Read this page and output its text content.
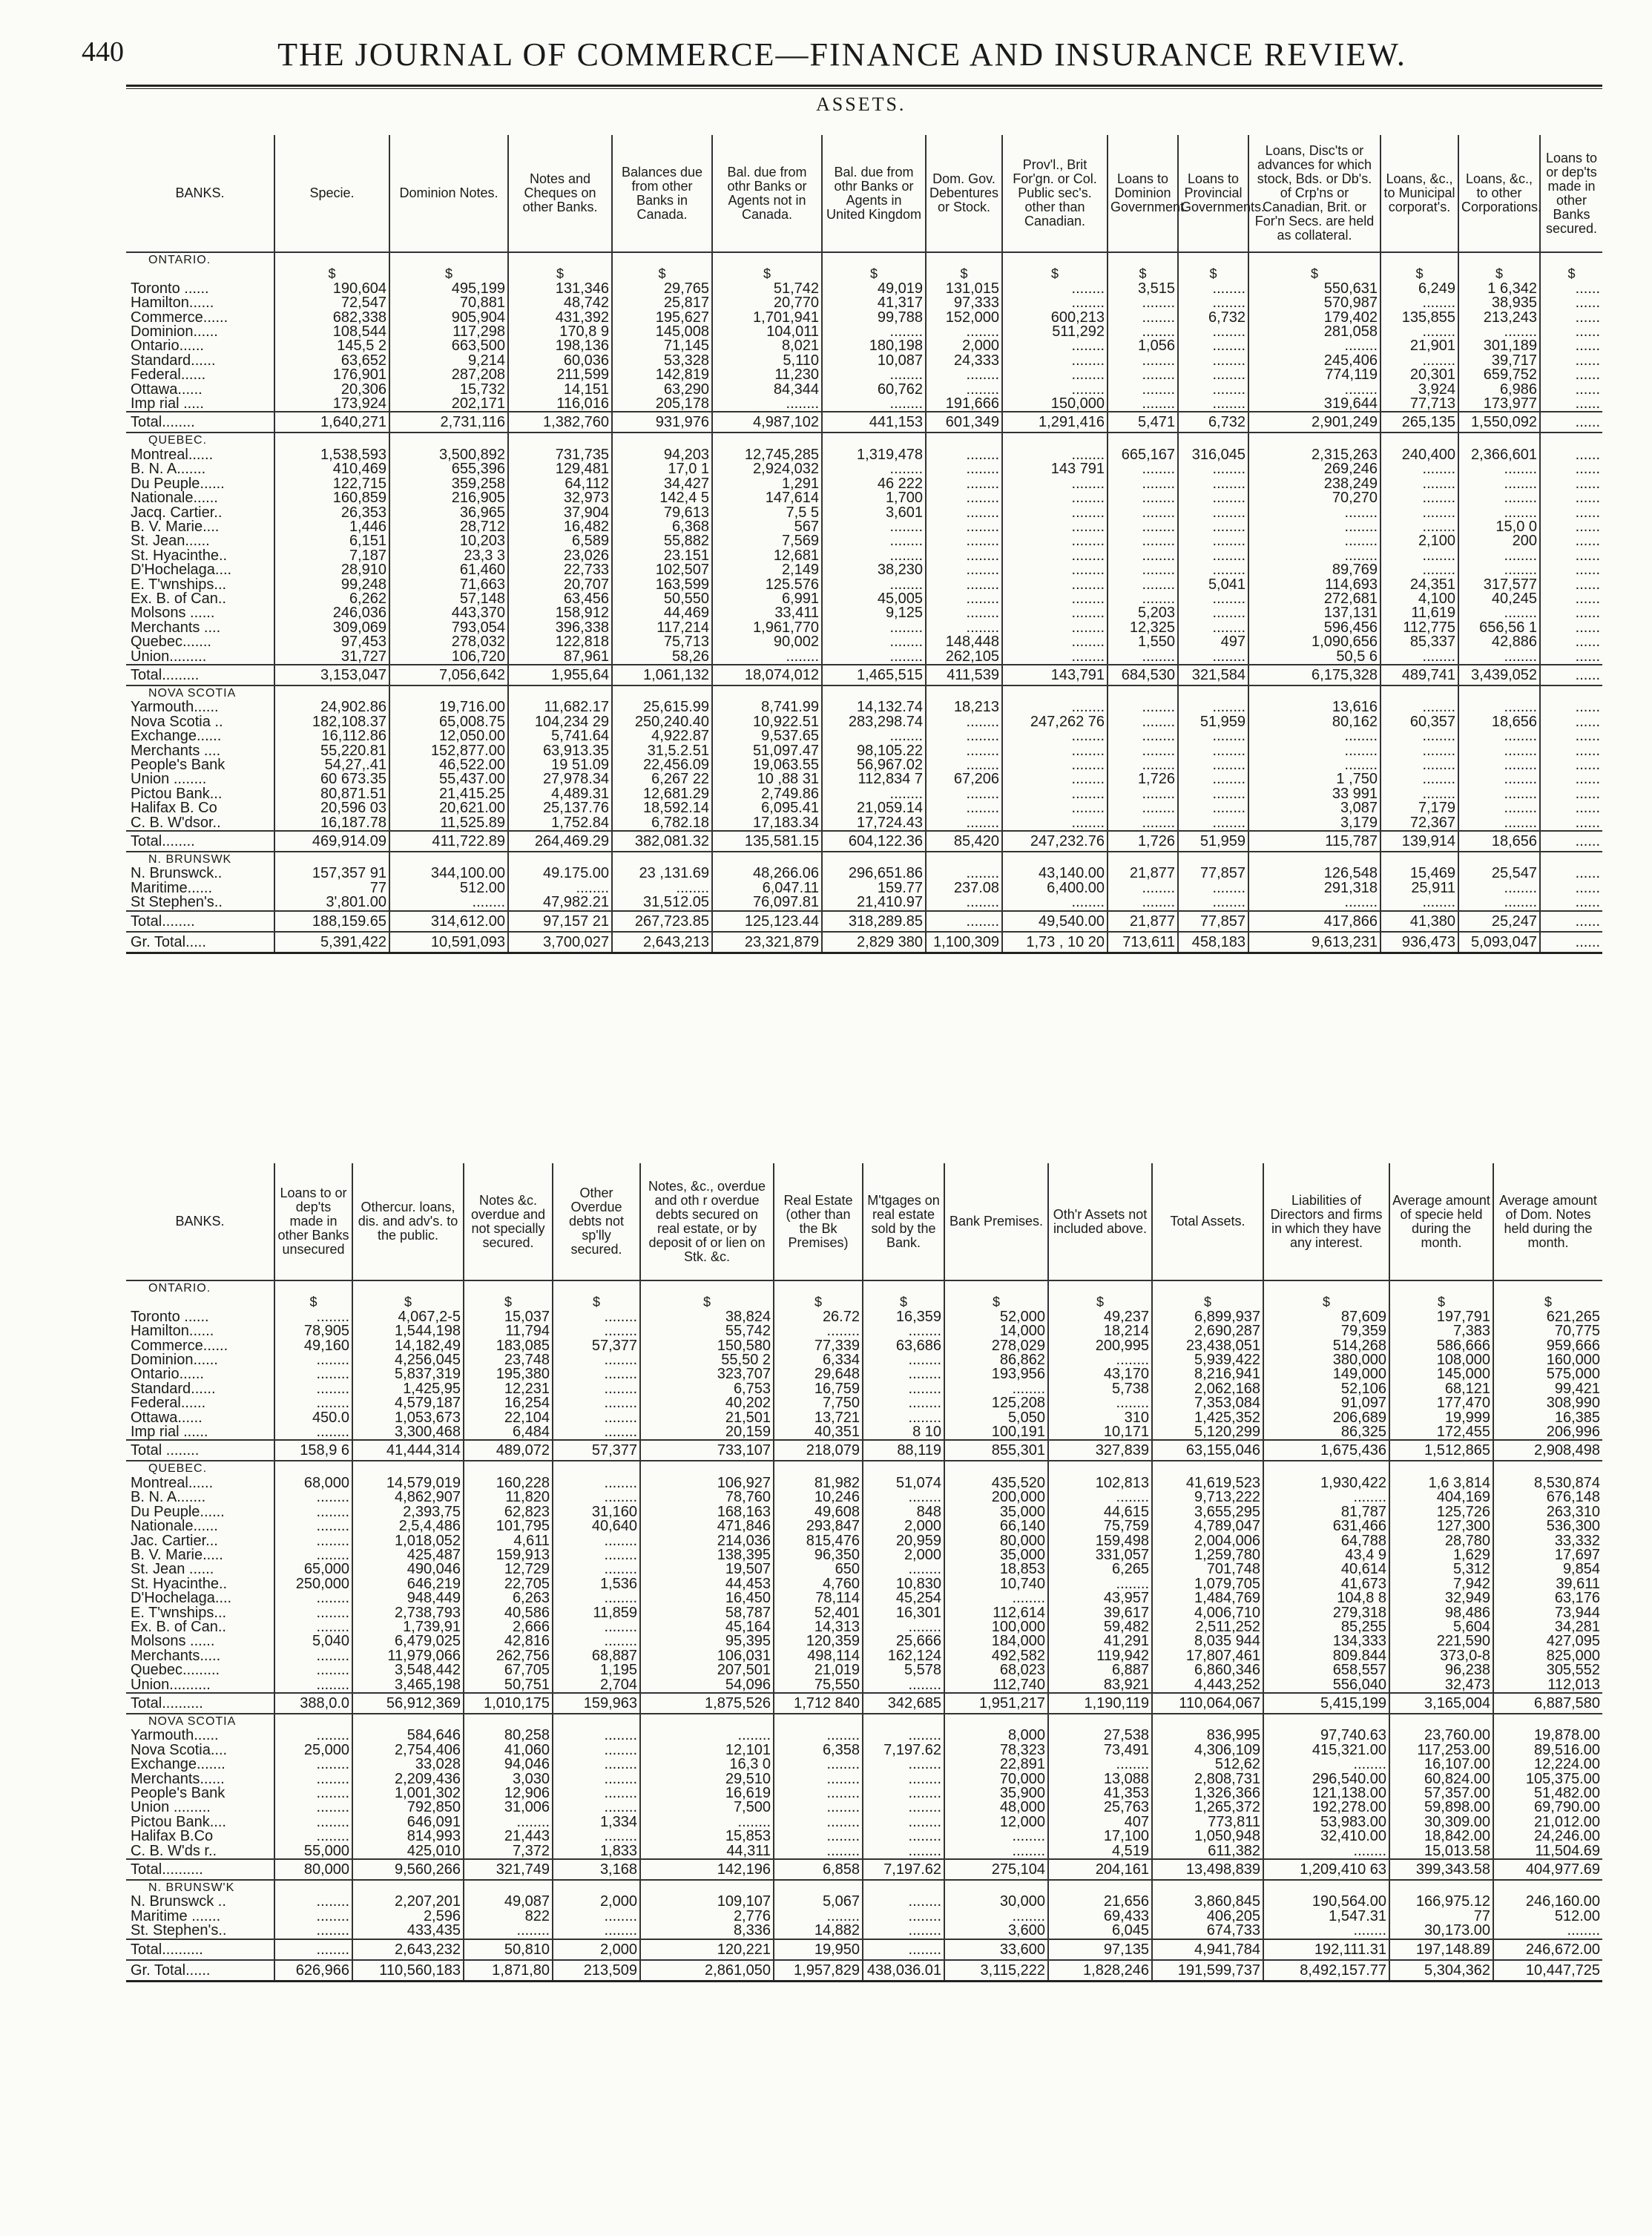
440	THE JOURNAL OF COMMERCE—FINANCE AND INSURANCE REVIEW.
ASSETS.
BANKS.	Specie.	Dominion Notes.	Notes and Cheques on other Banks.	Balances due from other Banks in Canada.	Bal. due from othr Banks or Agents not in Canada.	Bal. due from othr Banks or Agents in United Kingdom	Dom. Gov. Debentures or Stock.	Prov'l., Brit For'gn. or Col. Public sec's. other than Canadian.	Loans to Dominion Government.	Loans to Provincial Governments.	Loans, Disc'ts or advances for which stock, Bds. or Db's. of Crp'ns or Canadian, Brit. or For'n Secs. are held as collateral.	Loans, &c., to Municipal corporat's.	Loans, &c., to other Corporations.	Loans to or dep'ts made in other Banks secured.
ONTARIO.														
	$	$	$	$	$	$	$	$	$	$	$	$	$	$
Toronto ......	190,604	495,199	131,346	29,765	51,742	49,019	131,015	........	3,515	........	550,631	6,249	1 6,342	......
Hamilton......	72,547	70,881	48,742	25,817	20,770	41,317	97,333	........	........	........	570,987	........	38,935	......
Commerce......	682,338	905,904	431,392	195,627	1,701,941	99,788	152,000	600,213	........	6,732	179,402	135,855	213,243	......
Dominion......	108,544	117,298	170,8 9	145,008	104,011	........	........	511,292	........	........	281,058	........	........	......
Ontario......	145,5 2	663,500	198,136	71,145	8,021	180,198	2,000	........	1,056	........	........	21,901	301,189	......
Standard......	63,652	9,214	60,036	53,328	5,110	10,087	24,333	........	........	........	245,406	........	39,717	......
Federal......	176,901	287,208	211,599	142,819	11,230	........	........	........	........	........	774,119	20,301	659,752	......
Ottawa......	20,306	15,732	14,151	63,290	84,344	60,762	........	........	........	........	........	3,924	6,986	......
Imp rial .....	173,924	202,171	116,016	205,178	........	........	191,666	150,000	........	........	319,644	77,713	173,977	......
Total........	1,640,271	2,731,116	1,382,760	931,976	4,987,102	441,153	601,349	1,291,416	5,471	6,732	2,901,249	265,135	1,550,092	......
QUEBEC.														
Montreal......	1,538,593	3,500,892	731,735	94,203	12,745,285	1,319,478	........	........	665,167	316,045	2,315,263	240,400	2,366,601	......
B. N. A.......	410,469	655,396	129,481	17,0 1	2,924,032	........	........	143 791	........	........	269,246	........	........	......
Du Peuple......	122,715	359,258	64,112	34,427	1,291	46 222	........	........	........	........	238,249	........	........	......
Nationale......	160,859	216,905	32,973	142,4 5	147,614	1,700	........	........	........	........	70,270	........	........	......
Jacq. Cartier..	26,353	36,965	37,904	79,613	7,5 5	3,601	........	........	........	........	........	........	........	......
B. V. Marie....	1,446	28,712	16,482	6,368	567	........	........	........	........	........	........	........	15,0 0	......
St. Jean......	6,151	10,203	6,589	55,882	7,569	........	........	........	........	........	........	2,100	200	......
St. Hyacinthe..	7,187	23,3 3	23,026	23.151	12,681	........	........	........	........	........	........	........	........	......
D'Hochelaga....	28,910	61,460	22,733	102,507	2,149	38,230	........	........	........	........	89,769	........	........	......
E. T'wnships...	99,248	71,663	20,707	163,599	125.576	........	........	........	........	5,041	114,693	24,351	317,577	......
Ex. B. of Can..	6,262	57,148	63,456	50,550	6,991	45,005	........	........	........	........	272,681	4,100	40,245	......
Molsons ......	246,036	443,370	158,912	44,469	33,411	9,125	........	........	5,203	........	137,131	11,619	........	......
Merchants ....	309,069	793,054	396,338	117,214	1,961,770	........	........	........	12,325	........	596,456	112,775	656,56 1	......
Quebec.......	97,453	278,032	122,818	75,713	90,002	........	148,448	........	1,550	497	1,090,656	85,337	42,886	......
Union.........	31,727	106,720	87,961	58,26	........	........	262,105	........	........	........	50,5 6	........	........	......
Total.........	3,153,047	7,056,642	1,955,64	1,061,132	18,074,012	1,465,515	411,539	143,791	684,530	321,584	6,175,328	489,741	3,439,052	......
NOVA SCOTIA														
Yarmouth......	24,902.86	19,716.00	11,682.17	25,615.99	8,741.99	14,132.74	18,213	........	........	........	13,616	........	........	......
Nova Scotia ..	182,108.37	65,008.75	104,234 29	250,240.40	10,922.51	283,298.74	........	247,262 76	........	51,959	80,162	60,357	18,656	......
Exchange......	16,112.86	12,050.00	5,741.64	4,922.87	9,537.65	........	........	........	........	........	........	........	........	......
Merchants ....	55,220.81	152,877.00	63,913.35	31,5.2.51	51,097.47	98,105.22	........	........	........	........	........	........	........	......
People's Bank	54,27,.41	46,522.00	19 51.09	22,456.09	19,063.55	56,967.02	........	........	........	........	........	........	........	......
Union ........	60 673.35	55,437.00	27,978.34	6,267 22	10 ,88 31	112,834 7	67,206	........	1,726	........	1 ,750	........	........	......
Pictou Bank...	80,871.51	21,415.25	4,489.31	12,681.29	2,749.86	........	........	........	........	........	33 991	........	........	......
Halifax B. Co	20,596 03	20,621.00	25,137.76	18,592.14	6,095.41	21,059.14	........	........	........	........	3,087	7,179	........	......
C. B. W'dsor..	16,187.78	11,525.89	1,752.84	6,782.18	17,183.34	17,724.43	........	........	........	........	3,179	72,367	........	......
Total........	469,914.09	411,722.89	264,469.29	382,081.32	135,581.15	604,122.36	85,420	247,232.76	1,726	51,959	115,787	139,914	18,656	......
N. BRUNSWK														
N. Brunswck..	157,357 91	344,100.00	49.175.00	23 ,131.69	48,266.06	296,651.86	........	43,140.00	21,877	77,857	126,548	15,469	25,547	......
Maritime......	77	512.00	........	........	6,047.11	159.77	237.08	6,400.00	........	........	291,318	25,911	........	......
St Stephen's..	3',801.00	........	47,982.21	31,512.05	76,097.81	21,410.97	........	........	........	........	........	........	........	......
Total........	188,159.65	314,612.00	97,157 21	267,723.85	125,123.44	318,289.85	........	49,540.00	21,877	77,857	417,866	41,380	25,247	......
Gr. Total.....	5,391,422	10,591,093	3,700,027	2,643,213	23,321,879	2,829 380	1,100,309	1,73 , 10 20	713,611	458,183	9,613,231	936,473	5,093,047	......
BANKS.	Loans to or dep'ts made in other Banks unsecured	Othercur. loans, dis. and adv's. to the public.	Notes &c. overdue and not specially secured.	Other Overdue debts not sp'lly secured.	Notes, &c., overdue and oth r overdue debts secured on real estate, or by deposit of or lien on Stk. &c.	Real Estate (other than the Bk Premises)	M'tgages on real estate sold by the Bank.	Bank Premises.	Oth'r Assets not included above.	Total Assets.	Liabilities of Directors and firms in which they have any interest.	Average amount of specie held during the month.	Average amount of Dom. Notes held during the month.
ONTARIO.													
	$	$	$	$	$	$	$	$	$	$	$	$	$
Toronto ......	........	4,067,2-5	15,037	........	38,824	26.72	16,359	52,000	49,237	6,899,937	87,609	197,791	621,265
Hamilton......	78,905	1,544,198	11,794	........	55,742	........	........	14,000	18,214	2,690,287	79,359	7,383	70,775
Commerce......	49,160	14,182,49	183,085	57,377	150,580	77,339	63,686	278,029	200,995	23,438,051	514,268	586,666	959,666
Dominion......	........	4,256,045	23,748	........	55,50 2	6,334	........	86,862	........	5,939,422	380,000	108,000	160,000
Ontario......	........	5,837,319	195,380	........	323,707	29,648	........	193,956	43,170	8,216,941	149,000	145,000	575,000
Standard......	........	1,425,95	12,231	........	6,753	16,759	........	........	5,738	2,062,168	52,106	68,121	99,421
Federal......	........	4,579,187	16,254	........	40,202	7,750	........	125,208	........	7,353,084	91,097	177,470	308,990
Ottawa......	450.0	1,053,673	22,104	........	21,501	13,721	........	5,050	310	1,425,352	206,689	19,999	16,385
Imp rial ......	........	3,300,468	6,484	........	20,159	40,351	8 10	100,191	10,171	5,120,299	86,325	172,455	206,996
Total ........	158,9 6	41,444,314	489,072	57,377	733,107	218,079	88,119	855,301	327,839	63,155,046	1,675,436	1,512,865	2,908,498
QUEBEC.													
Montreal......	68,000	14,579,019	160,228	........	106,927	81,982	51,074	435,520	102,813	41,619,523	1,930,422	1,6 3,814	8,530,874
B. N. A.......	........	4,862,907	11,820	........	78,760	10,246	........	200,000	........	9,713,222	........	404,169	676,148
Du Peuple......	........	2,393,75	62,823	31,160	168,163	49,608	848	35,000	44,615	3,655,295	81,787	125,726	263,310
Nationale......	........	2,5,4,486	101,795	40,640	471,846	293,847	2,000	66,140	75,759	4,789,047	631,466	127,300	536,300
Jac. Cartier...	........	1,018,052	4,611	........	214,036	815,476	20,959	80,000	159,498	2,004,006	64,788	28,780	33,332
B. V. Marie.....	........	425,487	159,913	........	138,395	96,350	2,000	35,000	331,057	1,259,780	43,4 9	1,629	17,697
St. Jean ......	65,000	490,046	12,729	........	19,507	650	........	18,853	6,265	701,748	40,614	5,312	9,854
St. Hyacinthe..	250,000	646,219	22,705	1,536	44,453	4,760	10,830	10,740	........	1,079,705	41,673	7,942	39,611
D'Hochelaga....	........	948,449	6,263	........	16,450	78,114	45,254	........	43,957	1,484,769	104,8 8	32,949	63,176
E. T'wnships...	........	2,738,793	40,586	11,859	58,787	52,401	16,301	112,614	39,617	4,006,710	279,318	98,486	73,944
Ex. B. of Can..	........	1,739,91	2,666	........	45,164	14,313	........	100,000	59,482	2,511,252	85,255	5,604	34,281
Molsons ......	5,040	6,479,025	42,816	........	95,395	120,359	25,666	184,000	41,291	8,035 944	134,333	221,590	427,095
Merchants.....	........	11,979,066	262,756	68,887	106,031	498,114	162,124	492,582	119,942	17,807,461	809.844	373,0-8	825,000
Quebec.........	........	3,548,442	67,705	1,195	207,501	21,019	5,578	68,023	6,887	6,860,346	658,557	96,238	305,552
Union..........	........	3,465,198	50,751	2,704	54,096	75,550	........	112,740	83,921	4,443,252	556,040	32,473	112,013
Total..........	388,0.0	56,912,369	1,010,175	159,963	1,875,526	1,712 840	342,685	1,951,217	1,190,119	110,064,067	5,415,199	3,165,004	6,887,580
NOVA SCOTIA													
Yarmouth......	........	584,646	80,258	........	........	........	........	8,000	27,538	836,995	97,740.63	23,760.00	19,878.00
Nova Scotia....	25,000	2,754,406	41,060	........	12,101	6,358	7,197.62	78,323	73,491	4,306,109	415,321.00	117,253.00	89,516.00
Exchange.......	........	33,028	94,046	........	16,3 0	........	........	22,891	........	512,62	........	16,107.00	12,224.00
Merchants......	........	2,209,436	3,030	........	29,510	........	........	70,000	13,088	2,808,731	296,540.00	60,824.00	105,375.00
People's Bank	........	1,001,302	12,906	........	16,619	........	........	35,900	41,353	1,326,366	121,138.00	57,357.00	51,482.00
Union .........	........	792,850	31,006	........	7,500	........	........	48,000	25,763	1,265,372	192,278.00	59,898.00	69,790.00
Pictou Bank....	........	646,091	........	1,334	........	........	........	12,000	407	773,811	53,983.00	30,309.00	21,012.00
Halifax B.Co	........	814,993	21,443	........	15,853	........	........	........	17,100	1,050,948	32,410.00	18,842.00	24,246.00
C. B. W'ds r..	55,000	425,010	7,372	1,833	44,311	........	........	........	4,519	611,382	........	15,013.58	11,504.69
Total..........	80,000	9,560,266	321,749	3,168	142,196	6,858	7,197.62	275,104	204,161	13,498,839	1,209,410 63	399,343.58	404,977.69
N. BRUNSW'K													
N. Brunswck ..	........	2,207,201	49,087	2,000	109,107	5,067	........	30,000	21,656	3,860,845	190,564.00	166,975.12	246,160.00
Maritime .......	........	2,596	822	........	2,776	........	........	........	69,433	406,205	1,547.31	77	512.00
St. Stephen's..	........	433,435	........	........	8,336	14,882	........	3,600	6,045	674,733	........	30,173.00	........
Total..........	........	2,643,232	50,810	2,000	120,221	19,950	........	33,600	97,135	4,941,784	192,111.31	197,148.89	246,672.00
Gr. Total......	626,966	110,560,183	1,871,80	213,509	2,861,050	1,957,829	438,036.01	3,115,222	1,828,246	191,599,737	8,492,157.77	5,304,362	10,447,725
